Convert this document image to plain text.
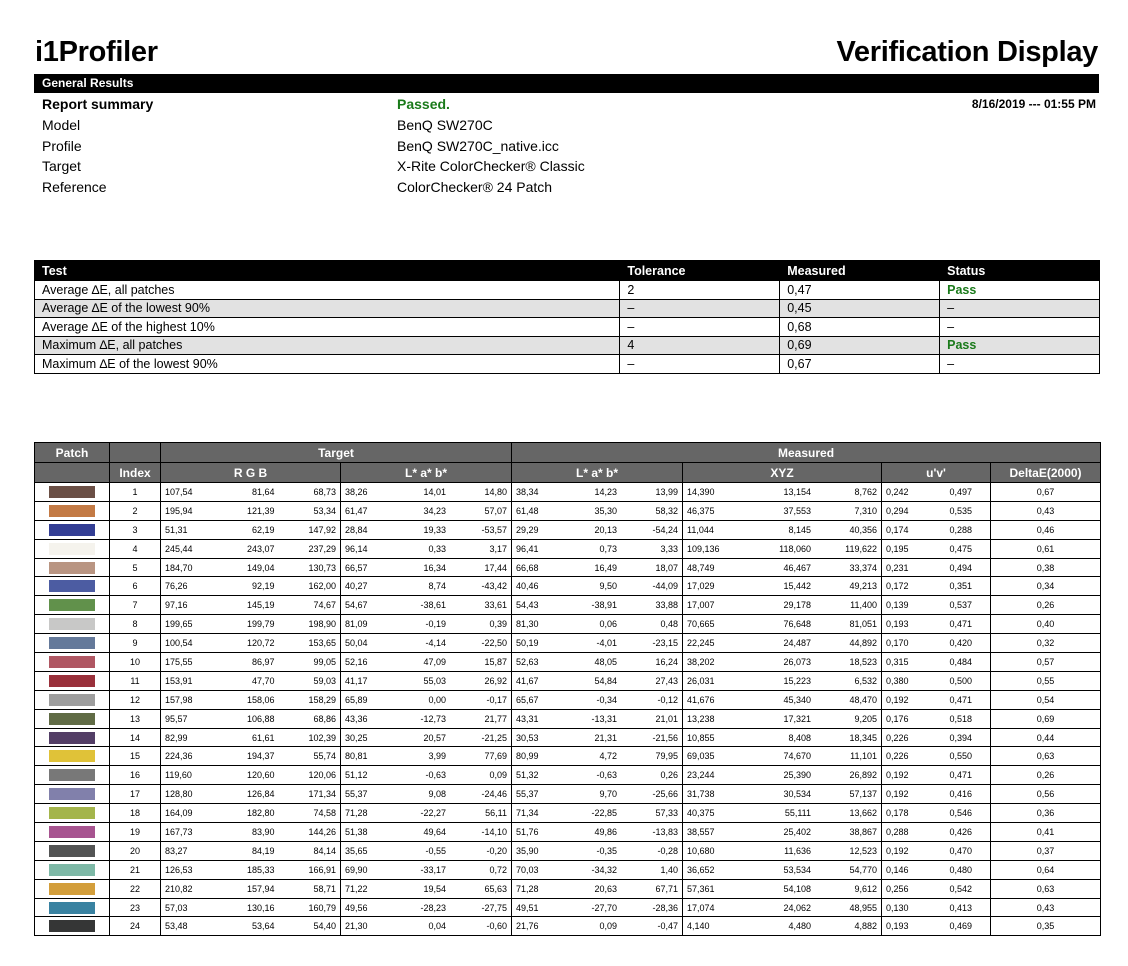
i1Profiler	Verification Display
General Results
Report summary	Passed.	8/16/2019 --- 01:55 PM
Model	BenQ SW270C
Profile	BenQ SW270C_native.icc
Target	X-Rite ColorChecker® Classic
Reference	ColorChecker® 24 Patch
Test	Tolerance	Measured	Status
Average ∆E, all patches	2	0,47	Pass
Average ∆E of the lowest 90%	–	0,45	–
Average ∆E of the highest 10%	–	0,68	–
Maximum ∆E, all patches	4	0,69	Pass
Maximum ∆E of the lowest 90%	–	0,67	–
Patch		Target		Measured			
	Index	R G B	L* a* b*	L* a* b*	XYZ	u'v'	DeltaE(2000)

	1	107,54 81,64 68,73	38,26 14,01 14,80	38,34 14,23 13,99	14,390 13,154 8,762	0,242 0,497	0,67

	2	195,94 121,39 53,34	61,47 34,23 57,07	61,48 35,30 58,32	46,375 37,553 7,310	0,294 0,535	0,43

	3	51,31 62,19 147,92	28,84 19,33 -53,57	29,29 20,13 -54,24	11,044 8,145 40,356	0,174 0,288	0,46

	4	245,44 243,07 237,29	96,14 0,33 3,17	96,41 0,73 3,33	109,136 118,060 119,622	0,195 0,475	0,61

	5	184,70 149,04 130,73	66,57 16,34 17,44	66,68 16,49 18,07	48,749 46,467 33,374	0,231 0,494	0,38

	6	76,26 92,19 162,00	40,27 8,74 -43,42	40,46 9,50 -44,09	17,029 15,442 49,213	0,172 0,351	0,34

	7	97,16 145,19 74,67	54,67 -38,61 33,61	54,43 -38,91 33,88	17,007 29,178 11,400	0,139 0,537	0,26

	8	199,65 199,79 198,90	81,09 -0,19 0,39	81,30 0,06 0,48	70,665 76,648 81,051	0,193 0,471	0,40

	9	100,54 120,72 153,65	50,04 -4,14 -22,50	50,19 -4,01 -23,15	22,245 24,487 44,892	0,170 0,420	0,32

	10	175,55 86,97 99,05	52,16 47,09 15,87	52,63 48,05 16,24	38,202 26,073 18,523	0,315 0,484	0,57

	11	153,91 47,70 59,03	41,17 55,03 26,92	41,67 54,84 27,43	26,031 15,223 6,532	0,380 0,500	0,55

	12	157,98 158,06 158,29	65,89 0,00 -0,17	65,67 -0,34 -0,12	41,676 45,340 48,470	0,192 0,471	0,54

	13	95,57 106,88 68,86	43,36 -12,73 21,77	43,31 -13,31 21,01	13,238 17,321 9,205	0,176 0,518	0,69

	14	82,99 61,61 102,39	30,25 20,57 -21,25	30,53 21,31 -21,56	10,855 8,408 18,345	0,226 0,394	0,44

	15	224,36 194,37 55,74	80,81 3,99 77,69	80,99 4,72 79,95	69,035 74,670 11,101	0,226 0,550	0,63

	16	119,60 120,60 120,06	51,12 -0,63 0,09	51,32 -0,63 0,26	23,244 25,390 26,892	0,192 0,471	0,26

	17	128,80 126,84 171,34	55,37 9,08 -24,46	55,37 9,70 -25,66	31,738 30,534 57,137	0,192 0,416	0,56

	18	164,09 182,80 74,58	71,28 -22,27 56,11	71,34 -22,85 57,33	40,375 55,111 13,662	0,178 0,546	0,36

	19	167,73 83,90 144,26	51,38 49,64 -14,10	51,76 49,86 -13,83	38,557 25,402 38,867	0,288 0,426	0,41

	20	83,27 84,19 84,14	35,65 -0,55 -0,20	35,90 -0,35 -0,28	10,680 11,636 12,523	0,192 0,470	0,37

	21	126,53 185,33 166,91	69,90 -33,17 0,72	70,03 -34,32 1,40	36,652 53,534 54,770	0,146 0,480	0,64

	22	210,82 157,94 58,71	71,22 19,54 65,63	71,28 20,63 67,71	57,361 54,108 9,612	0,256 0,542	0,63

	23	57,03 130,16 160,79	49,56 -28,23 -27,75	49,51 -27,70 -28,36	17,074 24,062 48,955	0,130 0,413	0,43

	24	53,48 53,64 54,40	21,30 0,04 -0,60	21,76 0,09 -0,47	4,140 4,480 4,882	0,193 0,469	0,35
